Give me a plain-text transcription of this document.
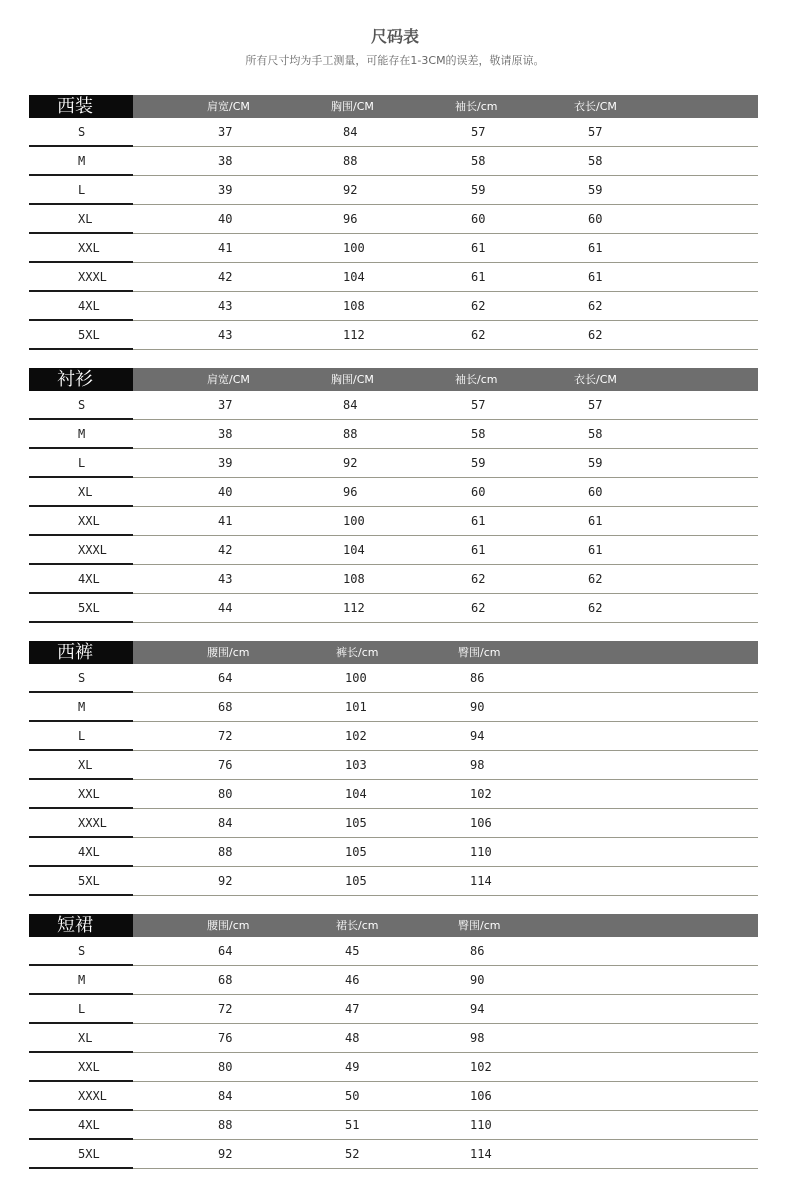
尺码表
所有尺寸均为手工测量，可能存在1-3CM的误差，敬请原谅。
西装	肩宽/CM	胸围/CM	袖长/cm	衣长/CM
S	37	84	57	57
M	38	88	58	58
L	39	92	59	59
XL	40	96	60	60
XXL	41	100	61	61
XXXL	42	104	61	61
4XL	43	108	62	62
5XL	43	112	62	62
衬衫	肩宽/CM	胸围/CM	袖长/cm	衣长/CM
S	37	84	57	57
M	38	88	58	58
L	39	92	59	59
XL	40	96	60	60
XXL	41	100	61	61
XXXL	42	104	61	61
4XL	43	108	62	62
5XL	44	112	62	62
西裤	腰围/cm	裤长/cm	臀围/cm
S	64	100	86
M	68	101	90
L	72	102	94
XL	76	103	98
XXL	80	104	102
XXXL	84	105	106
4XL	88	105	110
5XL	92	105	114
短裙	腰围/cm	裙长/cm	臀围/cm
S	64	45	86
M	68	46	90
L	72	47	94
XL	76	48	98
XXL	80	49	102
XXXL	84	50	106
4XL	88	51	110
5XL	92	52	114
